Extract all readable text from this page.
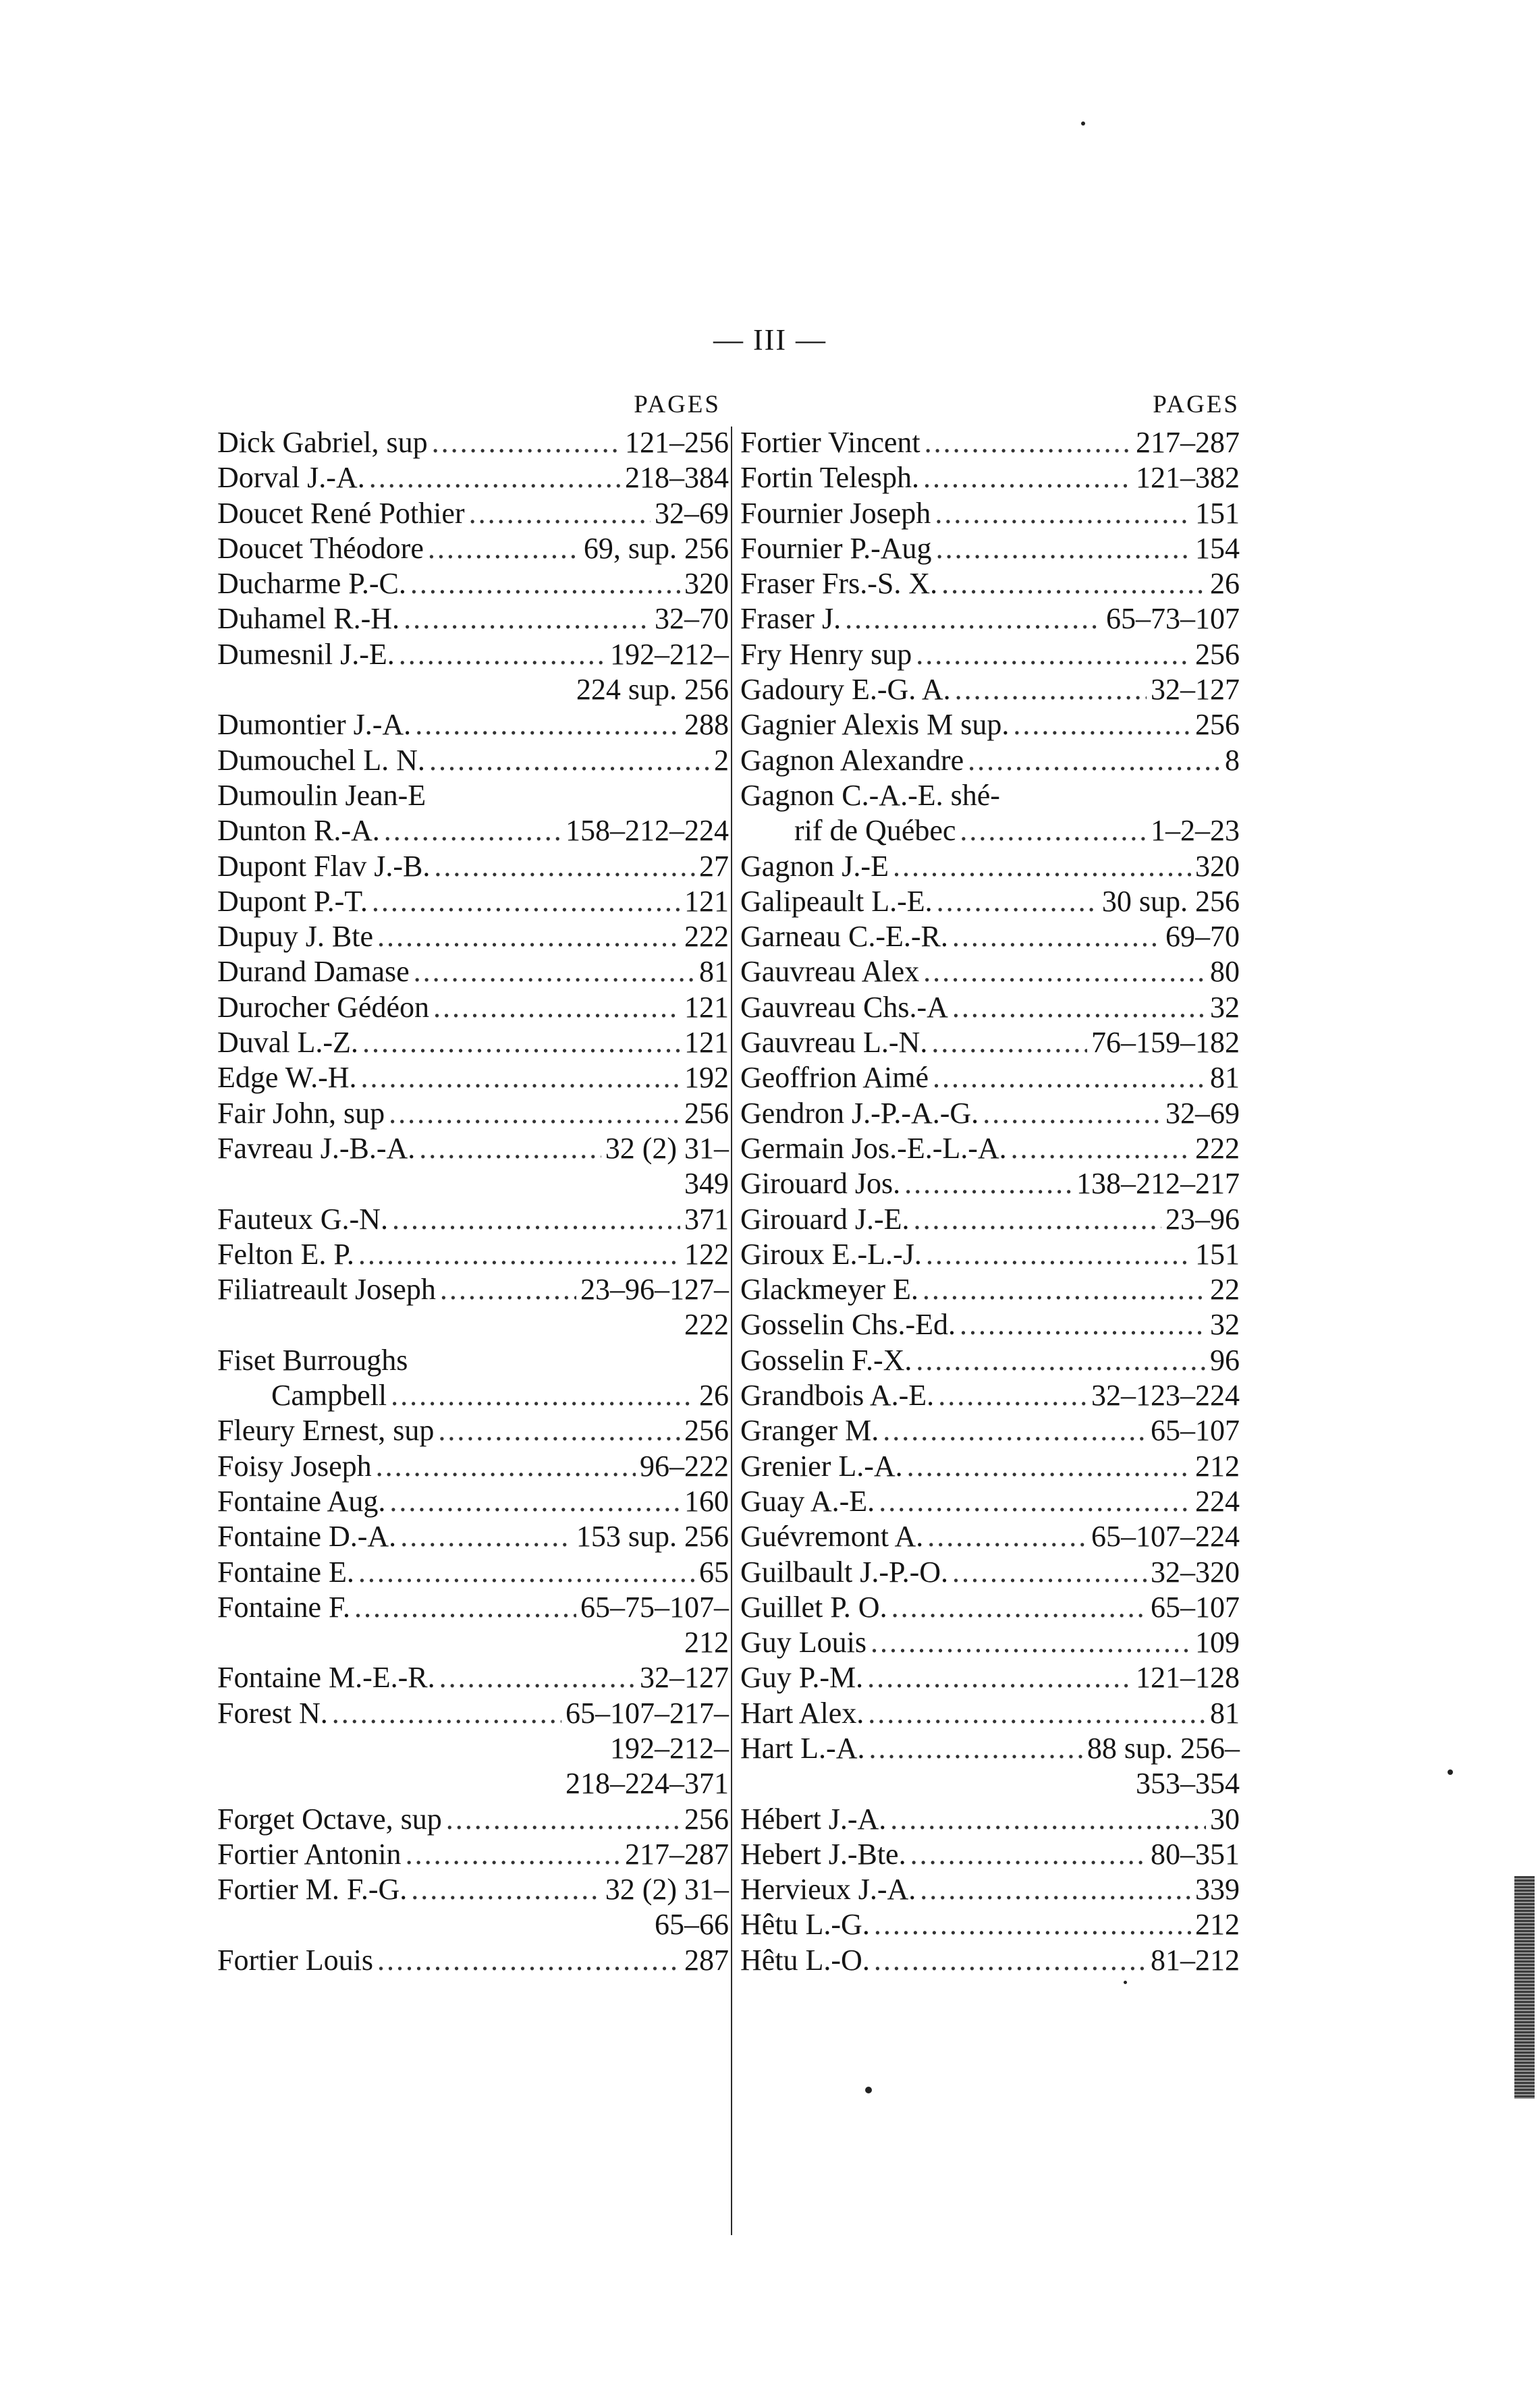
— III —
PAGES
Dick Gabriel, sup . . .	121–256
Dorval J.-A. . . .	218–384
Doucet René Pothier . . .	32–69
Doucet Théodore . . .	69, sup. 256
Ducharme P.-C. . . .	320
Duhamel R.-H. . . .	32–70
Dumesnil J.-E. . . .	192–212–
224 sup. 256
Dumontier J.-A. . . .	288
Dumouchel L. N. . . .	2
Dumoulin Jean-E
Dunton R.-A. . . .	158–212–224
Dupont Flav J.-B. . . .	27
Dupont P.-T. . . .	121
Dupuy J. Bte . . .	222
Durand Damase . . .	81
Durocher Gédéon . . .	121
Duval L.-Z. . . .	121
Edge W.-H. . . .	192
Fair John, sup . . .	256
Favreau J.-B.-A. . . .	32 (2) 31–
349
Fauteux G.-N. . . .	371
Felton E. P. . . .	122
Filiatreault Joseph . . .	23–96–127–
222
Fiset Burroughs
Campbell . . .	26
Fleury Ernest, sup . . .	256
Foisy Joseph . . .	96–222
Fontaine Aug. . . .	160
Fontaine D.-A. . . .	153 sup. 256
Fontaine E. . . .	65
Fontaine F. . . .	65–75–107–
212
Fontaine M.-E.-R. . . .	32–127
Forest N. . . .	65–107–217–
192–212–
218–224–371
Forget Octave, sup . . .	256
Fortier Antonin . . .	217–287
Fortier M. F.-G. . . .	32 (2) 31–
65–66
Fortier Louis . . .	287
PAGES
Fortier Vincent . . .	217–287
Fortin Telesph. . . .	121–382
Fournier Joseph . . .	151
Fournier P.-Aug . . .	154
Fraser Frs.-S. X. . . .	26
Fraser J. . . .	65–73–107
Fry Henry sup . . .	256
Gadoury E.-G. A. . . .	32–127
Gagnier Alexis M sup. . . .	256
Gagnon Alexandre . . .	8
Gagnon C.-A.-E. shé-
rif de Québec . . .	1–2–23
Gagnon J.-E . . .	320
Galipeault L.-E. . . .	30 sup. 256
Garneau C.-E.-R. . . .	69–70
Gauvreau Alex . . .	80
Gauvreau Chs.-A . . .	32
Gauvreau L.-N. . . .	76–159–182
Geoffrion Aimé . . .	81
Gendron J.-P.-A.-G. . . .	32–69
Germain Jos.-E.-L.-A. . . .	222
Girouard Jos. . . .	138–212–217
Girouard J.-E. . . .	23–96
Giroux E.-L.-J. . . .	151
Glackmeyer E. . . .	22
Gosselin Chs.-Ed. . . .	32
Gosselin F.-X. . . .	96
Grandbois A.-E. . . .	32–123–224
Granger M. . . .	65–107
Grenier L.-A. . . .	212
Guay A.-E. . . .	224
Guévremont A. . . .	65–107–224
Guilbault J.-P.-O. . . .	32–320
Guillet P. O. . . .	65–107
Guy Louis . . .	109
Guy P.-M. . . .	121–128
Hart Alex. . . .	81
Hart L.-A. . . .	88 sup. 256–
353–354
Hébert J.-A. . . .	30
Hebert J.-Bte. . . .	80–351
Hervieux J.-A. . . .	339
Hêtu L.-G. . . .	212
Hêtu L.-O. . . .	81–212
